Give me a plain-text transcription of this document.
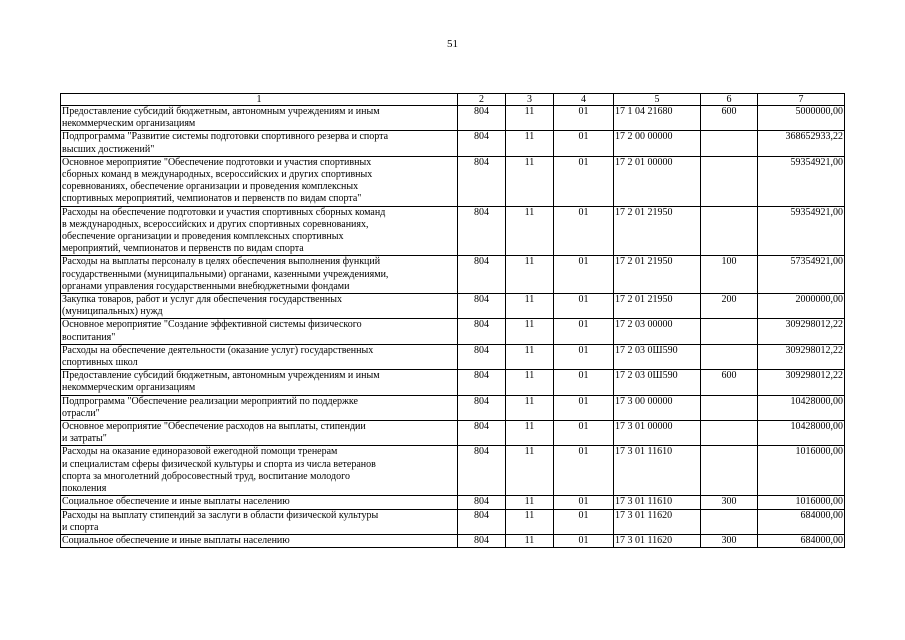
51
1	2	3	4	5	6	7
Предоставление субсидий бюджетным, автономным учреждениям и иным
некоммерческим организациям	804	11	01	17 1 04 21680	600	5000000,00
Подпрограмма "Развитие системы подготовки спортивного резерва и спорта
высших достижений"	804	11	01	17 2 00 00000		368652933,22
Основное мероприятие "Обеспечение подготовки и участия спортивных
сборных команд в международных, всероссийских и других спортивных
соревнованиях, обеспечение организации и проведения комплексных
спортивных мероприятий, чемпионатов и первенств по видам спорта"	804	11	01	17 2 01 00000		59354921,00
Расходы на обеспечение подготовки и участия спортивных сборных команд
в международных, всероссийских и других спортивных соревнованиях,
обеспечение организации и проведения комплексных спортивных
мероприятий, чемпионатов и первенств по видам спорта	804	11	01	17 2 01 21950		59354921,00
Расходы на выплаты персоналу в целях обеспечения выполнения функций
государственными (муниципальными) органами, казенными учреждениями,
органами управления государственными внебюджетными фондами	804	11	01	17 2 01 21950	100	57354921,00
Закупка товаров, работ и услуг для обеспечения государственных
(муниципальных) нужд	804	11	01	17 2 01 21950	200	2000000,00
Основное мероприятие "Создание эффективной системы физического
воспитания"	804	11	01	17 2 03 00000		309298012,22
Расходы на обеспечение деятельности (оказание услуг) государственных
спортивных школ	804	11	01	17 2 03 0Ш590		309298012,22
Предоставление субсидий бюджетным, автономным учреждениям и иным
некоммерческим организациям	804	11	01	17 2 03 0Ш590	600	309298012,22
Подпрограмма "Обеспечение реализации мероприятий по поддержке
отрасли"	804	11	01	17 3 00 00000		10428000,00
Основное мероприятие "Обеспечение расходов на выплаты, стипендии
и затраты"	804	11	01	17 3 01 00000		10428000,00
Расходы на оказание единоразовой ежегодной помощи тренерам
и специалистам сферы физической культуры и спорта из числа ветеранов
спорта за многолетний добросовестный труд, воспитание молодого
поколения	804	11	01	17 3 01 11610		1016000,00
Социальное обеспечение и иные выплаты населению	804	11	01	17 3 01 11610	300	1016000,00
Расходы на выплату стипендий за заслуги в области физической культуры
и спорта	804	11	01	17 3 01 11620		684000,00
Социальное обеспечение и иные выплаты населению	804	11	01	17 3 01 11620	300	684000,00
